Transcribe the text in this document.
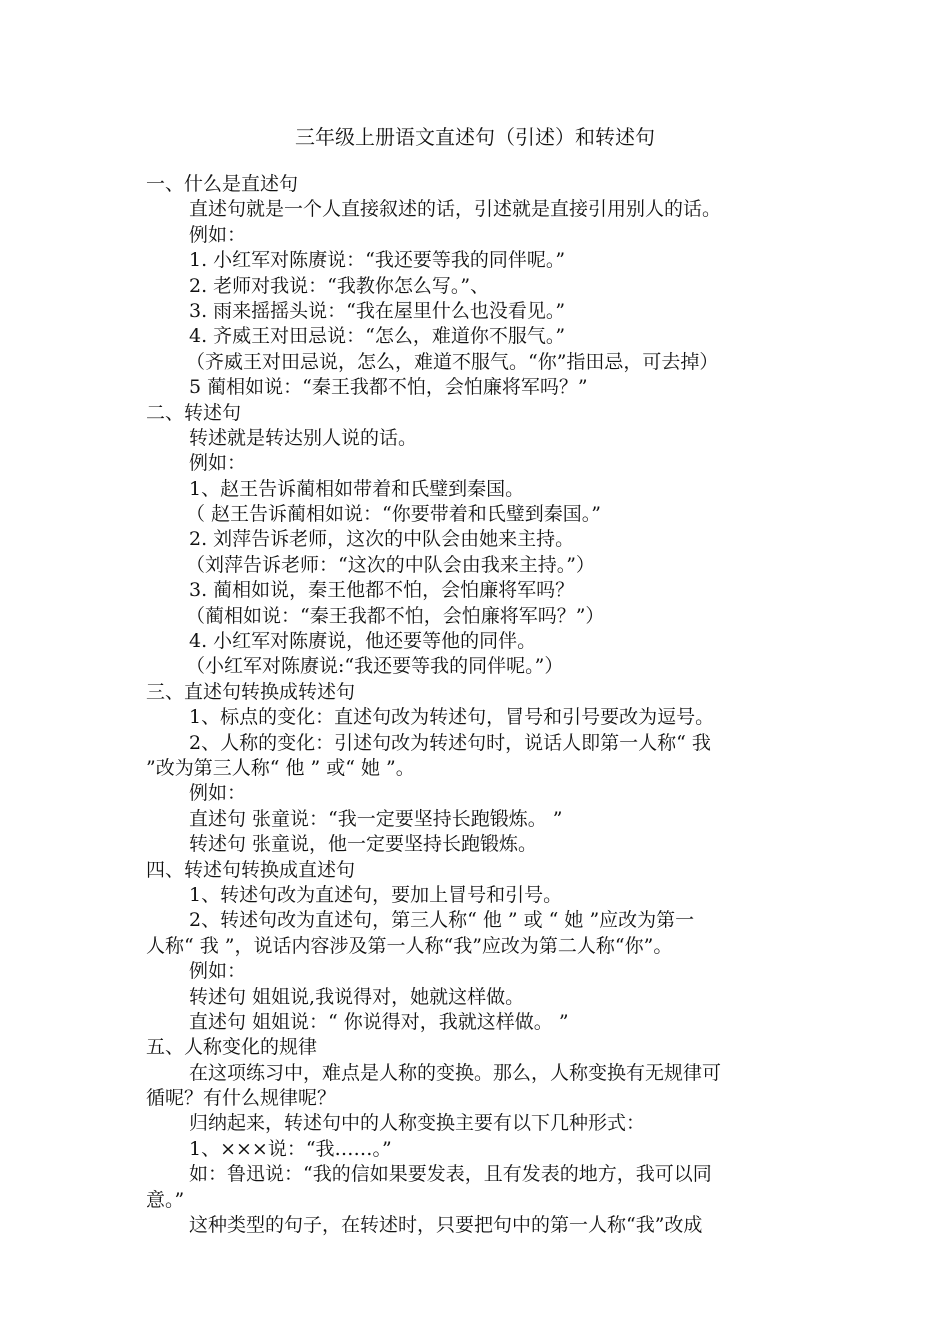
三年级上册语文直述句（引述）和转述句
一、什么是直述句
直述句就是一个人直接叙述的话，引述就是直接引用别人的话。
例如：
1. 小红军对陈赓说：“我还要等我的同伴呢。”
2. 老师对我说：“我教你怎么写。”、
3. 雨来摇摇头说：“我在屋里什么也没看见。”
4. 齐威王对田忌说：“怎么，难道你不服气。”
（齐威王对田忌说，怎么，难道不服气。“你”指田忌，可去掉）
5 蔺相如说：“秦王我都不怕，会怕廉将军吗？”
二、转述句
转述就是转达别人说的话。
例如：
1、赵王告诉蔺相如带着和氏璧到秦国。
（ 赵王告诉蔺相如说：“你要带着和氏璧到秦国。”
2. 刘萍告诉老师，这次的中队会由她来主持。
（刘萍告诉老师：“这次的中队会由我来主持。”）
3. 蔺相如说，秦王他都不怕，会怕廉将军吗？
（蔺相如说：“秦王我都不怕，会怕廉将军吗？”）
4. 小红军对陈赓说，他还要等他的同伴。
（小红军对陈赓说:“我还要等我的同伴呢。”）
三、直述句转换成转述句
1、标点的变化：直述句改为转述句，冒号和引号要改为逗号。
2、人称的变化：引述句改为转述句时，说话人即第一人称“ 我
”改为第三人称“ 他 ” 或“ 她 ”。
例如：
直述句 张童说：“我一定要坚持长跑锻炼。 ”
转述句 张童说，他一定要坚持长跑锻炼。
四、转述句转换成直述句
1、转述句改为直述句，要加上冒号和引号。
2、转述句改为直述句，第三人称“ 他 ” 或 “ 她 ”应改为第一
人称“ 我 ”，说话内容涉及第一人称“我”应改为第二人称“你”。
例如：
转述句 姐姐说,我说得对，她就这样做。
直述句 姐姐说：“ 你说得对，我就这样做。 ”
五、人称变化的规律
在这项练习中，难点是人称的变换。那么，人称变换有无规律可
循呢？有什么规律呢？
归纳起来，转述句中的人称变换主要有以下几种形式：
1、×××说：“我……。”
如：鲁迅说：“我的信如果要发表，且有发表的地方，我可以同
意。”
这种类型的句子，在转述时，只要把句中的第一人称“我”改成
